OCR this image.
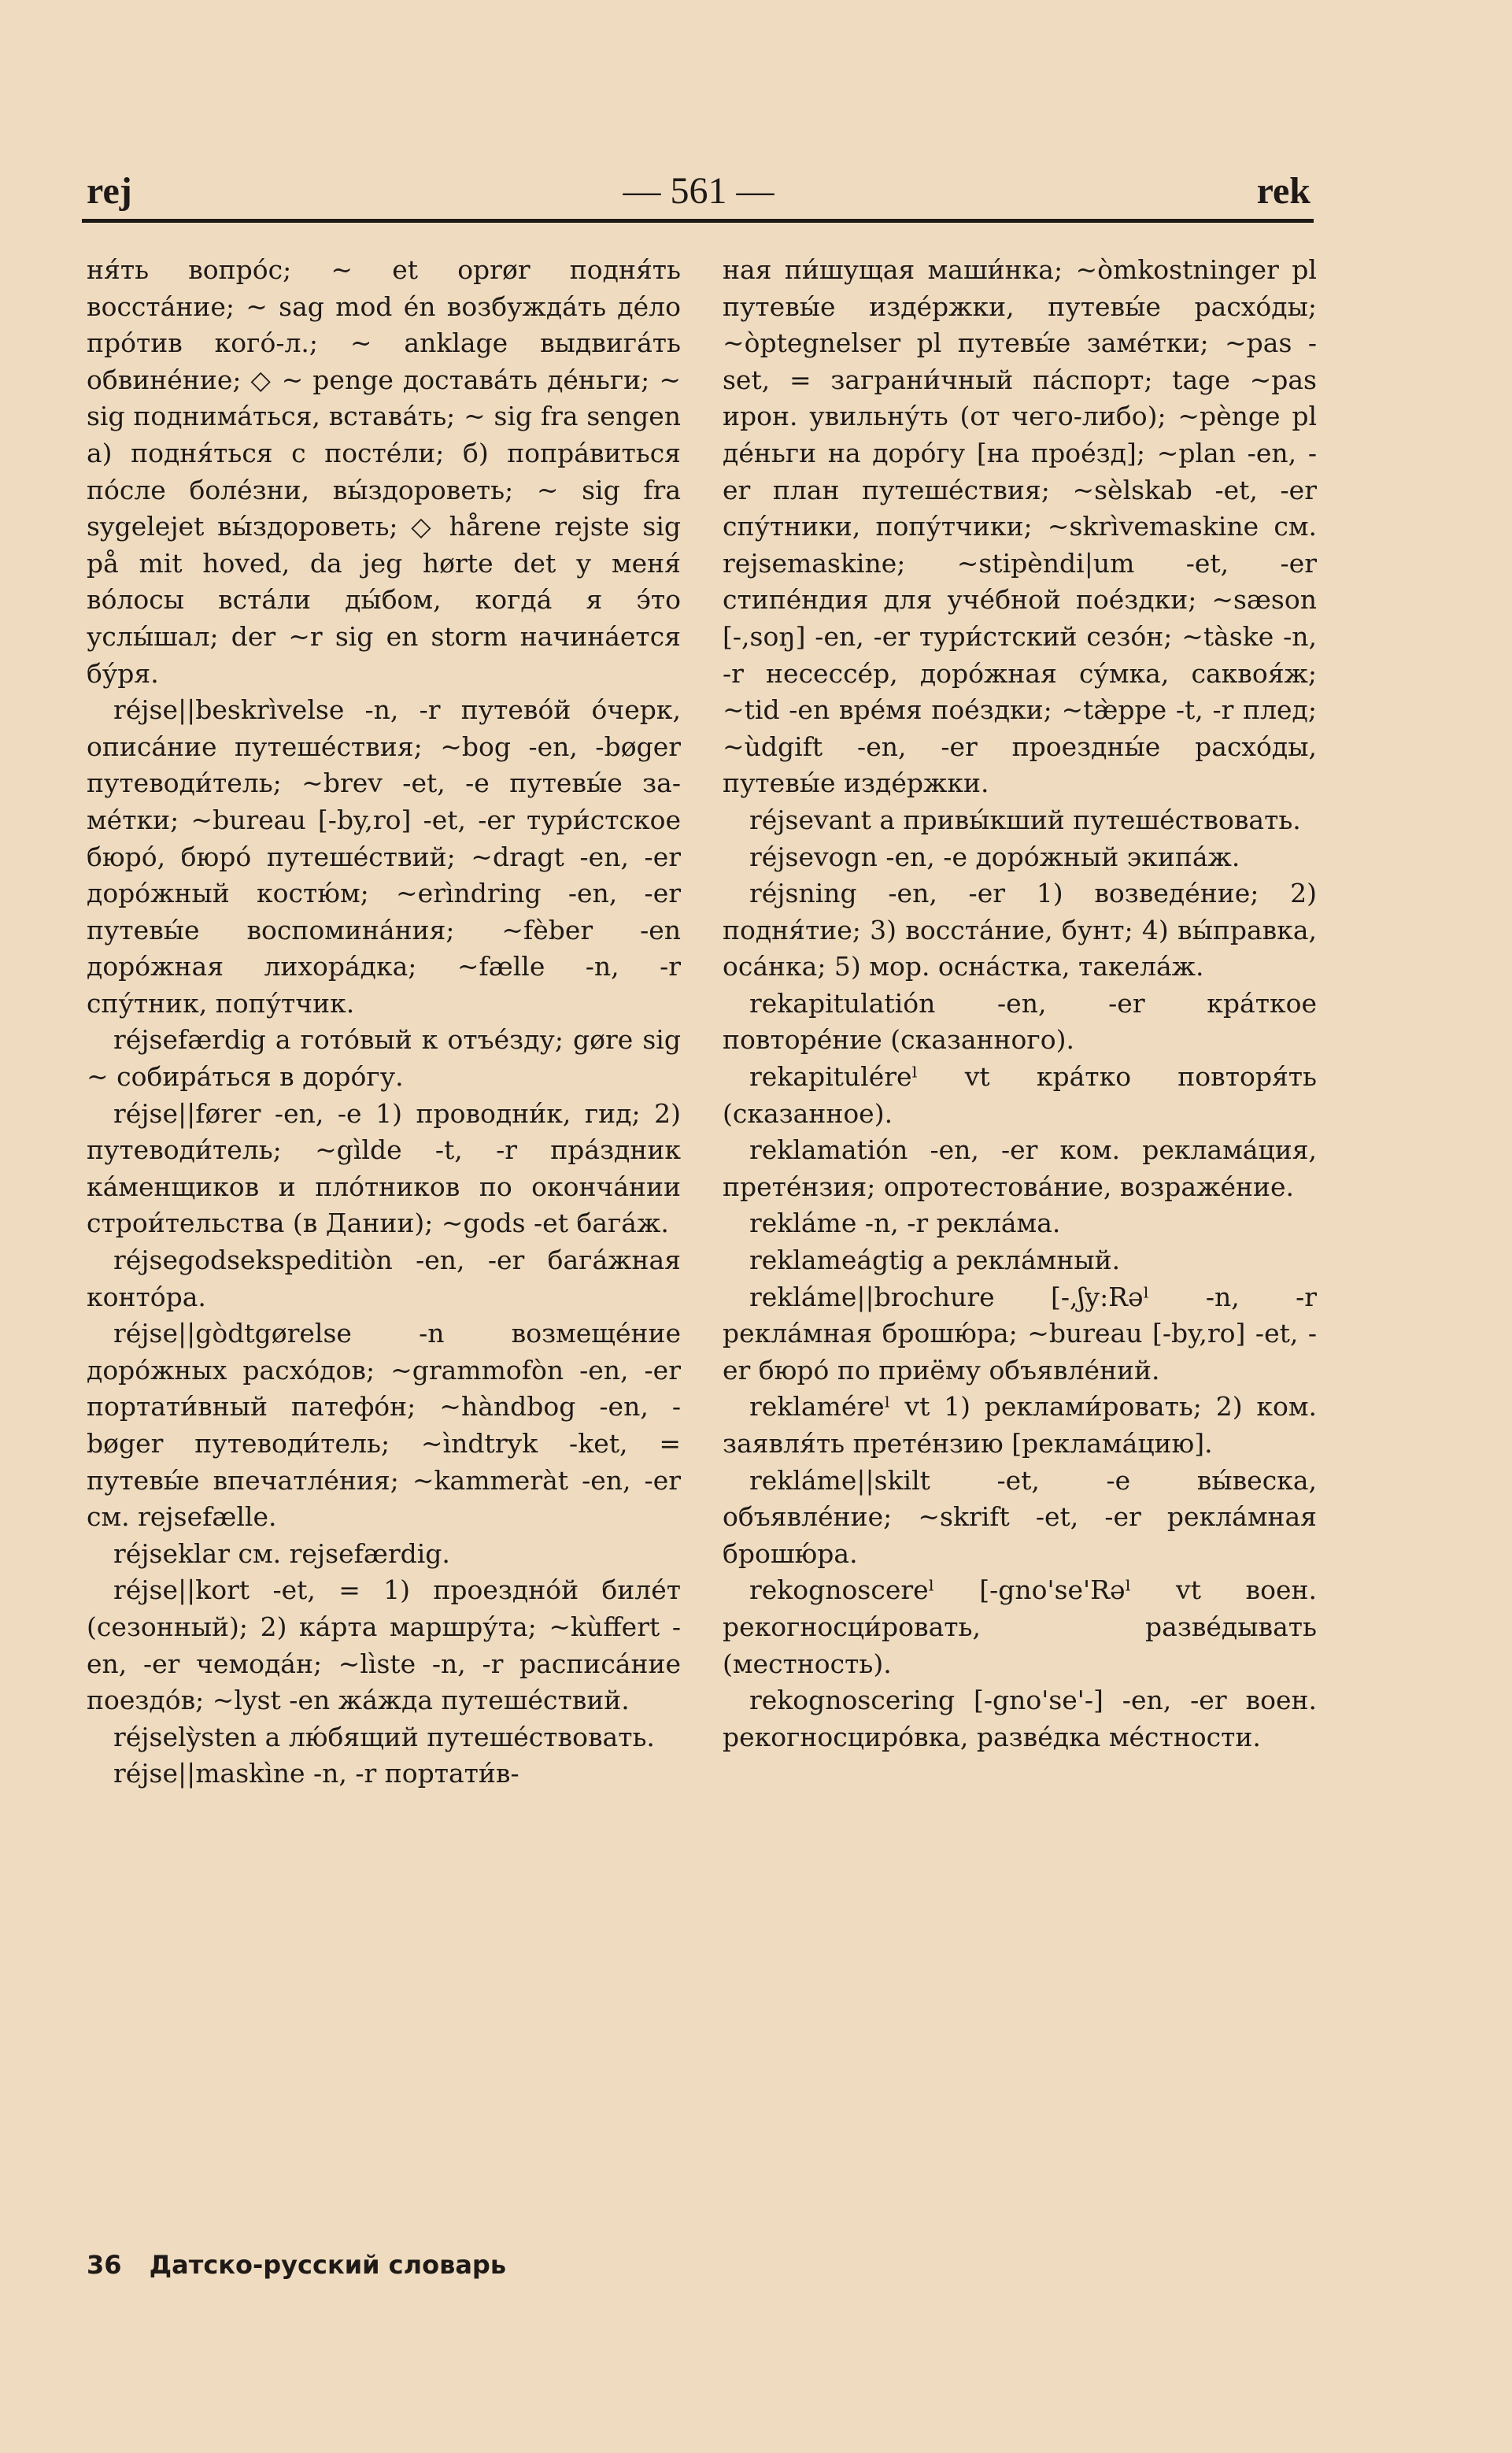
rej	— 561 —	rek

ня́ть вопро́с; ~ et oprør подня́ть восста́ние; ~ sag mod én возбужда́ть де́ло про́тив кого́-л.; ~ anklage выдвига́ть обвине́ние; ◇ ~ penge достава́ть де́ньги; ~ sig поднима́ться, встава́ть; ~ sig fra sengen a) подня́ться с посте́ли; б) попра́виться по́сле боле́зни, вы́здороветь; ~ sig fra sygelejet вы́здороветь; ◇ hårene rejste sig på mit hoved, da jeg hørte det у меня́ во́лосы вста́ли ды́бом, когда́ я э́то услы́шал; der ~r sig en storm начина́ется бу́ря.

réjse||beskrìvelse -n, -r путево́й о́черк, описа́ние путеше́ствия; ~bog -en, -bøger путеводи́тель; ~brev -et, -e путевы́е заме́тки; ~bureau [-by,ro] -et, -er тури́стское бюро́, бюро́ путеше́ствий; ~dragt -en, -er доро́жный костю́м; ~erìndring -en, -er путевы́е воспомина́ния; ~fèber -en доро́жная лихора́дка; ~fælle -n, -r спу́тник, попу́тчик.

réjsefærdig a гото́вый к отъе́зду; gøre sig ~ собира́ться в доро́гу.

réjse||fører -en, -e 1) проводни́к, гид; 2) путеводи́тель; ~gìlde -t, -r пра́здник ка́менщиков и пло́тников по оконча́нии строи́тельства (в Дании); ~gods -et бага́ж.

réjsegodsekspeditiòn -en, -er бага́жная конто́ра.

réjse||gòdtgørelse -n возмеще́ние доро́жных расхо́дов; ~grammofòn -en, -er портати́вный патефо́н; ~hàndbog -en, -bøger путеводи́тель; ~ìndtryk -ket, = путевы́е впечатле́ния; ~kammeràt -en, -er см. rejsefælle.

réjseklar см. rejsefærdig.

réjse||kort -et, = 1) проездно́й биле́т (сезонный); 2) ка́рта маршру́та; ~kùffert -en, -er чемода́н; ~lìste -n, -r расписа́ние поездо́в; ~lyst -en жа́жда путеше́ствий.

réjselỳsten a лю́бящий путеше́ствовать.

réjse||maskìne -n, -r портати́в-

ная пи́шущая маши́нка; ~òmkostninger pl путевы́е изде́ржки, путевы́е расхо́ды; ~òptegnelser pl путевы́е заме́тки; ~pas -set, = заграни́чный па́спорт; tage ~pas ирон. увильну́ть (от чего-либо); ~pènge pl де́ньги на доро́гу [на прое́зд]; ~plan -en, -er план путеше́ствия; ~sèlskab -et, -er спу́тники, попу́тчики; ~skrìvemaskine см. rejsemaskine; ~stipèndi|um -et, -er стипе́ндия для уче́бной пое́здки; ~sæson [-,soŋ] -en, -er тури́стский сезо́н; ~tàske -n, -r несессе́р, доро́жная су́мка, саквоя́ж; ~tid -en вре́мя пое́здки; ~tæ̀ppe -t, -r плед; ~ùdgift -en, -er проездны́е расхо́ды, путевы́е изде́ржки.

réjsevant a привы́кший путеше́ствовать.

réjsevogn -en, -e доро́жный экипа́ж.

réjsning -en, -er 1) возведе́ние; 2) подня́тие; 3) восста́ние, бунт; 4) вы́правка, оса́нка; 5) мор. осна́стка, такела́ж.

rekapitulatión -en, -er кра́ткое повторе́ние (сказанного).

rekapituléreˡ vt кра́тко повторя́ть (сказанное).

reklamatión -en, -er ком. реклама́ция, прете́нзия; опротестова́ние, возраже́ние.

rekláme -n, -r рекла́ма.

reklameágtig a рекла́мный.

rekláme||brochure [-,ʃy:Rəˡ -n, -r рекла́мная брошю́ра; ~bureau [-by,ro] -et, -er бюро́ по приёму объявле́ний.

reklamérеˡ vt 1) реклами́ровать; 2) ком. заявля́ть прете́нзию [реклама́цию].

rekláme||skilt -et, -e вы́веска, объявле́ние; ~skrift -et, -er рекла́мная брошю́ра.

rekognoscereˡ [-gno'se'Rəˡ vt воен. рекогносци́ровать, разве́дывать (местность).

rekognoscering [-gno'se'-] -en, -er воен. рекогносциро́вка, разве́дка ме́стности.

36 Датско-русский словарь
